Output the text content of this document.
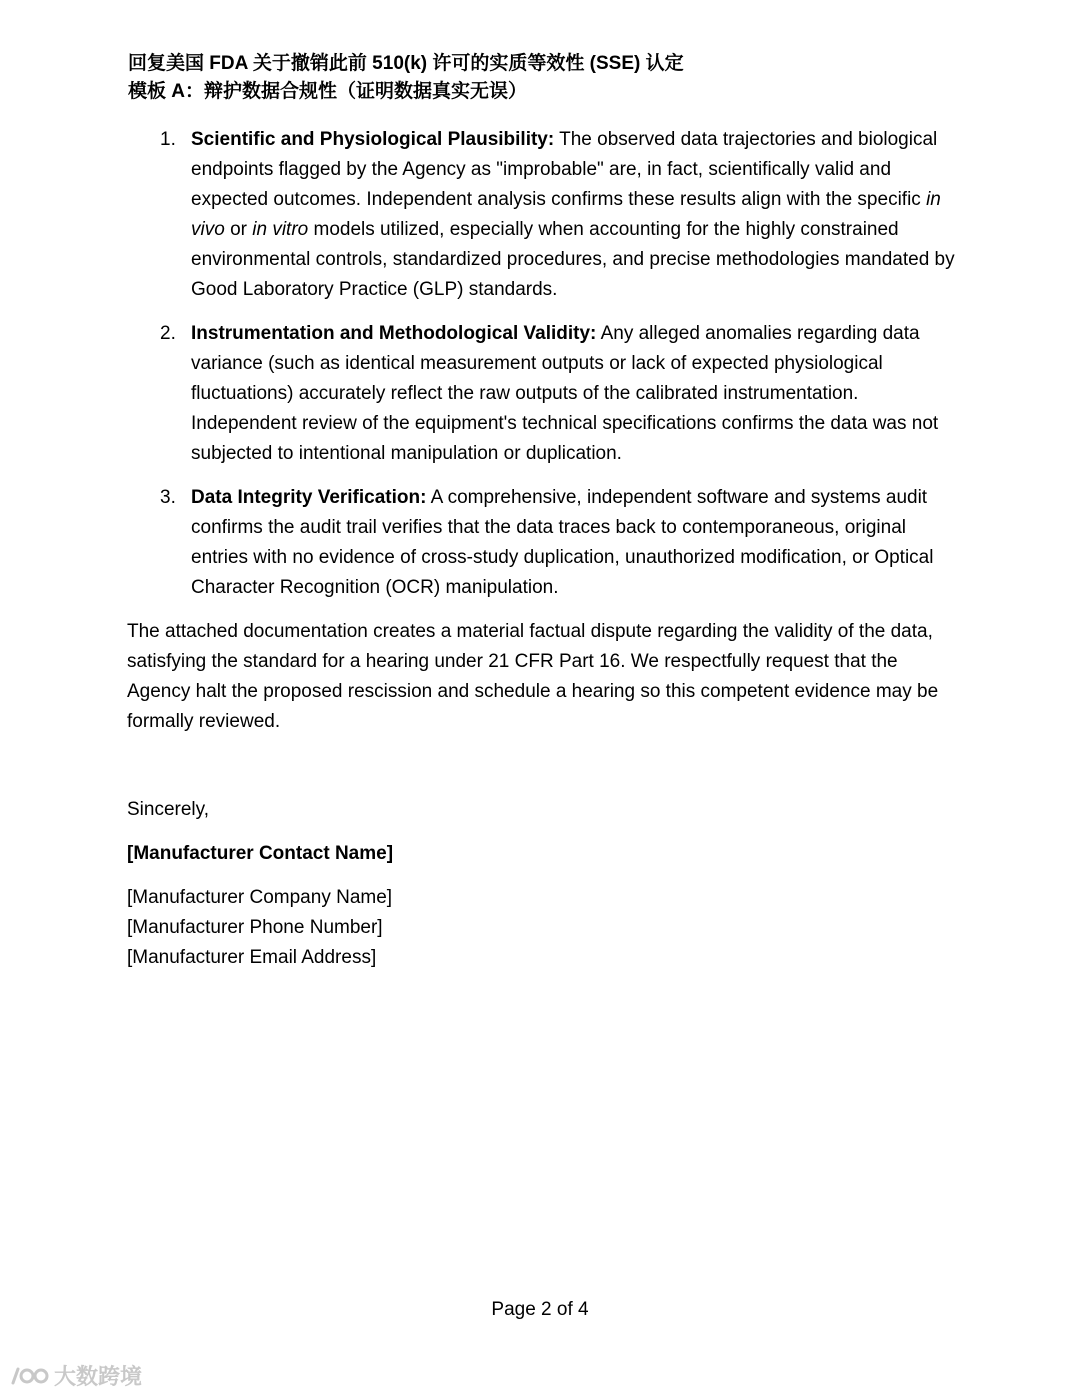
回复美国 FDA 关于撤销此前 510(k) 许可的实质等效性 (SSE) 认定
模板 A：辩护数据合规性（证明数据真实无误）
1. Scientific and Physiological Plausibility: The observed data trajectories and biological endpoints flagged by the Agency as "improbable" are, in fact, scientifically valid and expected outcomes. Independent analysis confirms these results align with the specific in vivo or in vitro models utilized, especially when accounting for the highly constrained environmental controls, standardized procedures, and precise methodologies mandated by Good Laboratory Practice (GLP) standards.
2. Instrumentation and Methodological Validity: Any alleged anomalies regarding data variance (such as identical measurement outputs or lack of expected physiological fluctuations) accurately reflect the raw outputs of the calibrated instrumentation. Independent review of the equipment's technical specifications confirms the data was not subjected to intentional manipulation or duplication.
3. Data Integrity Verification: A comprehensive, independent software and systems audit confirms the audit trail verifies that the data traces back to contemporaneous, original entries with no evidence of cross-study duplication, unauthorized modification, or Optical Character Recognition (OCR) manipulation.
The attached documentation creates a material factual dispute regarding the validity of the data, satisfying the standard for a hearing under 21 CFR Part 16. We respectfully request that the Agency halt the proposed rescission and schedule a hearing so this competent evidence may be formally reviewed.
Sincerely,
[Manufacturer Contact Name]
[Manufacturer Company Name]
[Manufacturer Phone Number]
[Manufacturer Email Address]
Page 2 of 4
大数跨境
